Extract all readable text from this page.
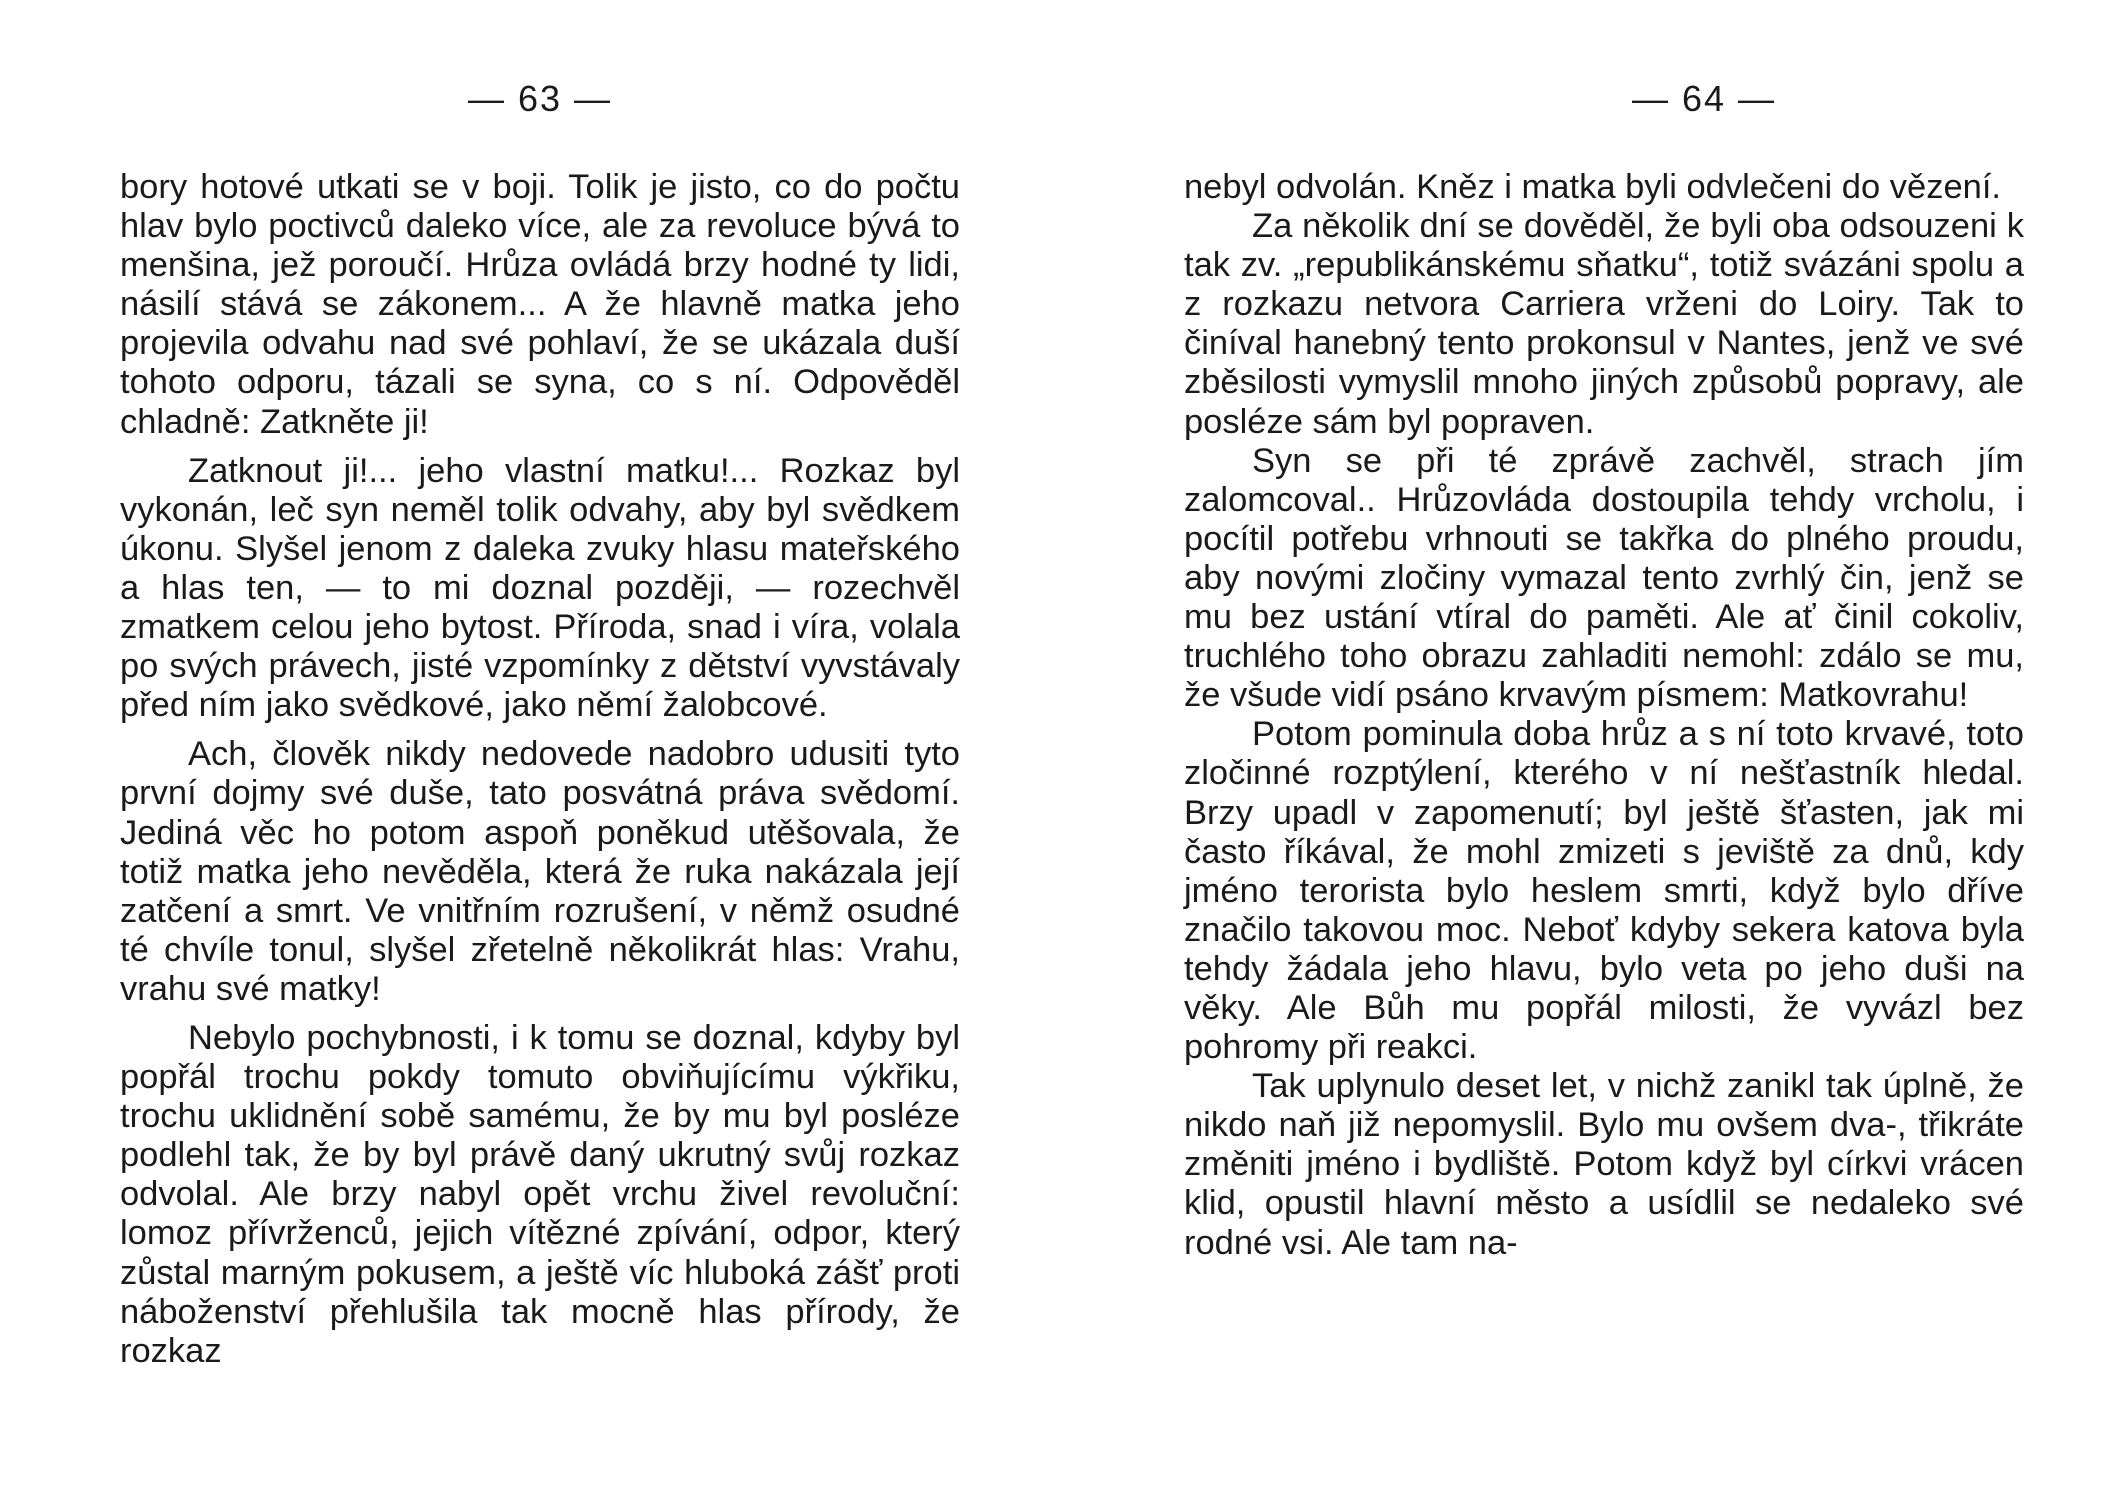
— 63 —

bory hotové utkati se v boji. Tolik je jisto, co do počtu hlav bylo poctivců daleko více, ale za revoluce bývá to menšina, jež poroučí. Hrůza ovládá brzy hodné ty lidi, násilí stává se zákonem... A že hlavně matka jeho projevila odvahu nad své pohlaví, že se ukázala duší tohoto odporu, tázali se syna, co s ní. Odpověděl chladně: Zatkněte ji!

Zatknout ji!... jeho vlastní matku!... Rozkaz byl vykonán, leč syn neměl tolik odvahy, aby byl svědkem úkonu. Slyšel jenom z daleka zvuky hlasu mateřského a hlas ten, — to mi doznal později, — rozechvěl zmatkem celou jeho bytost. Příroda, snad i víra, volala po svých právech, jisté vzpomínky z dětství vyvstávaly před ním jako svědkové, jako němí žalobcové.

Ach, člověk nikdy nedovede nadobro udusiti tyto první dojmy své duše, tato posvátná práva svědomí. Jediná věc ho potom aspoň poněkud utěšovala, že totiž matka jeho nevěděla, která že ruka nakázala její zatčení a smrt. Ve vnitřním rozrušení, v němž osudné té chvíle tonul, slyšel zřetelně několikrát hlas: Vrahu, vrahu své matky!

Nebylo pochybnosti, i k tomu se doznal, kdyby byl popřál trochu pokdy tomuto obviňujícímu výkřiku, trochu uklidnění sobě samému, že by mu byl posléze podlehl tak, že by byl právě daný ukrutný svůj rozkaz odvolal. Ale brzy nabyl opět vrchu živel revoluční: lomoz přívrženců, jejich vítězné zpívání, odpor, který zůstal marným pokusem, a ještě víc hluboká zášť proti náboženství přehlušila tak mocně hlas přírody, že rozkaz

— 64 —

nebyl odvolán. Kněz i matka byli odvlečeni do vězení.

Za několik dní se dověděl, že byli oba odsouzeni k tak zv. „republikánskému sňatku“, totiž svázáni spolu a z rozkazu netvora Carriera vrženi do Loiry. Tak to činíval hanebný tento prokonsul v Nantes, jenž ve své zběsilosti vymyslil mnoho jiných způsobů popravy, ale posléze sám byl popraven.

Syn se při té zprávě zachvěl, strach jím zalomcoval.. Hrůzovláda dostoupila tehdy vrcholu, i pocítil potřebu vrhnouti se takřka do plného proudu, aby novými zločiny vymazal tento zvrhlý čin, jenž se mu bez ustání vtíral do paměti. Ale ať činil cokoliv, truchlého toho obrazu zahladiti nemohl: zdálo se mu, že všude vidí psáno krvavým písmem: Matkovrahu!

Potom pominula doba hrůz a s ní toto krvavé, toto zločinné rozptýlení, kterého v ní nešťastník hledal. Brzy upadl v zapomenutí; byl ještě šťasten, jak mi často říkával, že mohl zmizeti s jeviště za dnů, kdy jméno terorista bylo heslem smrti, když bylo dříve značilo takovou moc. Neboť kdyby sekera katova byla tehdy žádala jeho hlavu, bylo veta po jeho duši na věky. Ale Bůh mu popřál milosti, že vyvázl bez pohromy při reakci.

Tak uplynulo deset let, v nichž zanikl tak úplně, že nikdo naň již nepomyslil. Bylo mu ovšem dva-, třikráte změniti jméno i bydliště. Potom když byl církvi vrácen klid, opustil hlavní město a usídlil se nedaleko své rodné vsi. Ale tam na-
